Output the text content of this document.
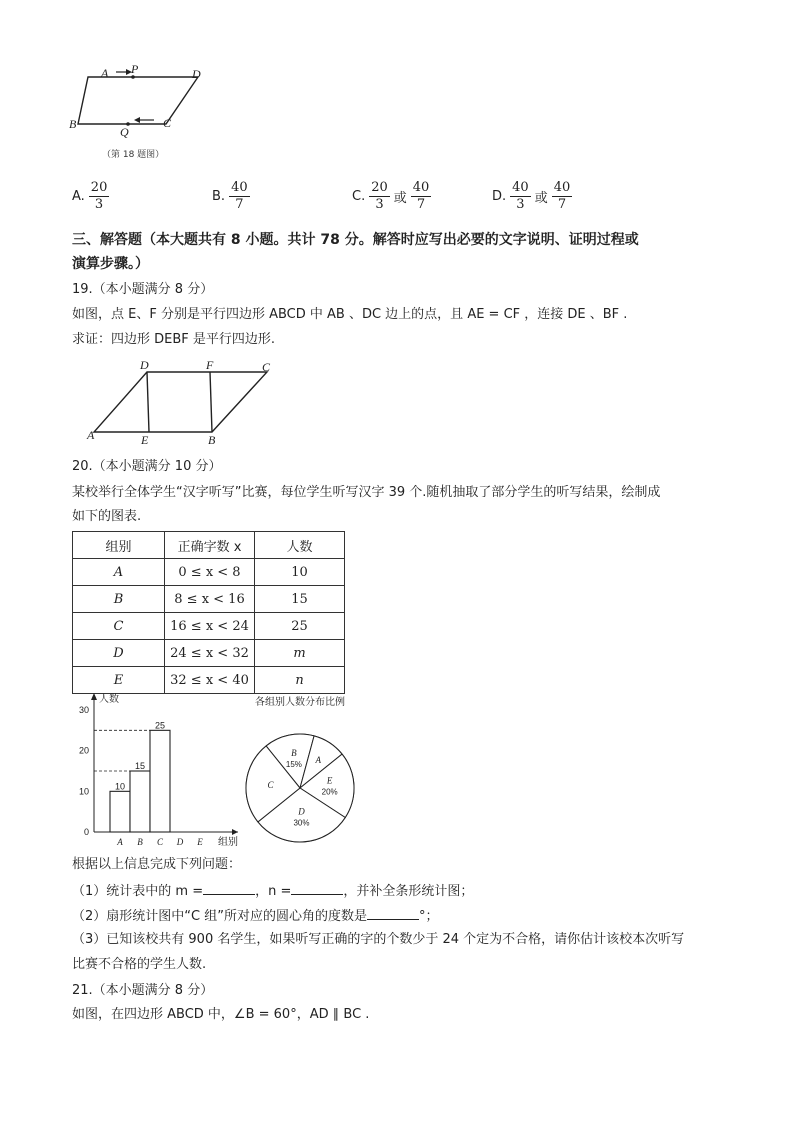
A P	D
B
Q
C
（第 18 题图）
A. $\frac{20}{3}$	B. $\frac{40}{7}$	C. $\frac{20}{3}$ 或 $\frac{40}{7}$	D. $\frac{40}{3}$ 或 $\frac{40}{7}$
三、解答题（本大题共有 8 小题。共计 78 分。解答时应写出必要的文字说明、证明过程或
演算步骤。）
19.（本小题满分 8 分）
如图，点 E、F 分别是平行四边形 ABCD 中 AB 、DC 边上的点，且 AE = CF ，连接 DE 、BF .
求证：四边形 DEBF 是平行四边形.
D	F	C
A	E	B
20.（本小题满分 10 分）
某校举行全体学生“汉字听写”比赛，每位学生听写汉字 39 个.随机抽取了部分学生的听写结果，绘制成
如下的图表.
组别	正确字数 x	人数
A	0 ≤ x < 8	10
B	8 ≤ x < 16	15
C	16 ≤ x < 24	25
D	24 ≤ x < 32	m
E	32 ≤ x < 40	n
人数
组别
0
10
20
30
A
10
B
15
C
25
D E
各组别人数分布比例
B
15% A
E
20%
D
30%
C
根据以上信息完成下列问题：
（1）统计表中的 m =	，n =	，并补全条形统计图；
（2）扇形统计图中“C 组”所对应的圆心角的度数是	°；
（3）已知该校共有 900 名学生，如果听写正确的字的个数少于 24 个定为不合格，请你估计该校本次听写
比赛不合格的学生人数.
21.（本小题满分 8 分）
如图，在四边形 ABCD 中，∠B = 60°，AD ∥ BC .
